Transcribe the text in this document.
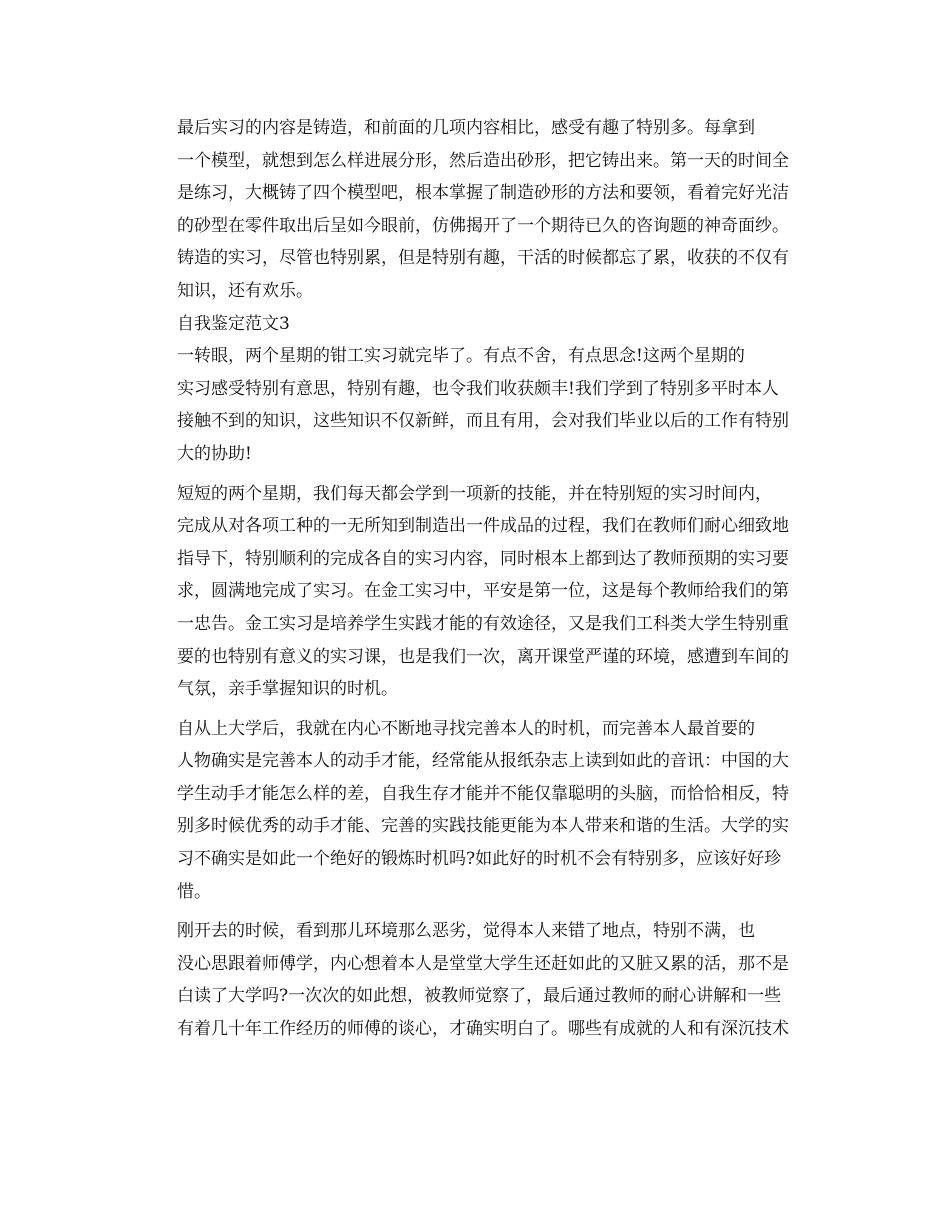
最后实习的内容是铸造，和前面的几项内容相比，感受有趣了特别多。每拿到
一个模型，就想到怎么样进展分形，然后造出砂形，把它铸出来。第一天的时间全
是练习，大概铸了四个模型吧，根本掌握了制造砂形的方法和要领，看着完好光洁
的砂型在零件取出后呈如今眼前，仿佛揭开了一个期待已久的咨询题的神奇面纱。
铸造的实习，尽管也特别累，但是特别有趣，干活的时候都忘了累，收获的不仅有
知识，还有欢乐。

自我鉴定范文3

一转眼，两个星期的钳工实习就完毕了。有点不舍，有点思念!这两个星期的
实习感受特别有意思，特别有趣，也令我们收获颇丰!我们学到了特别多平时本人
接触不到的知识，这些知识不仅新鲜，而且有用，会对我们毕业以后的工作有特别
大的协助!

短短的两个星期，我们每天都会学到一项新的技能，并在特别短的实习时间内，
完成从对各项工种的一无所知到制造出一件成品的过程，我们在教师们耐心细致地
指导下，特别顺利的完成各自的实习内容，同时根本上都到达了教师预期的实习要
求，圆满地完成了实习。在金工实习中，平安是第一位，这是每个教师给我们的第
一忠告。金工实习是培养学生实践才能的有效途径，又是我们工科类大学生特别重
要的也特别有意义的实习课，也是我们一次，离开课堂严谨的环境，感遭到车间的
气氛，亲手掌握知识的时机。

自从上大学后，我就在内心不断地寻找完善本人的时机，而完善本人最首要的
人物确实是完善本人的动手才能，经常能从报纸杂志上读到如此的音讯：中国的大
学生动手才能怎么样的差，自我生存才能并不能仅靠聪明的头脑，而恰恰相反，特
别多时候优秀的动手才能、完善的实践技能更能为本人带来和谐的生活。大学的实
习不确实是如此一个绝好的锻炼时机吗?如此好的时机不会有特别多，应该好好珍
惜。

刚开去的时候，看到那儿环境那么恶劣，觉得本人来错了地点，特别不满，也
没心思跟着师傅学，内心想着本人是堂堂大学生还赶如此的又脏又累的活，那不是
白读了大学吗?一次次的如此想，被教师觉察了，最后通过教师的耐心讲解和一些
有着几十年工作经历的师傅的谈心，才确实明白了。哪些有成就的人和有深沉技术
